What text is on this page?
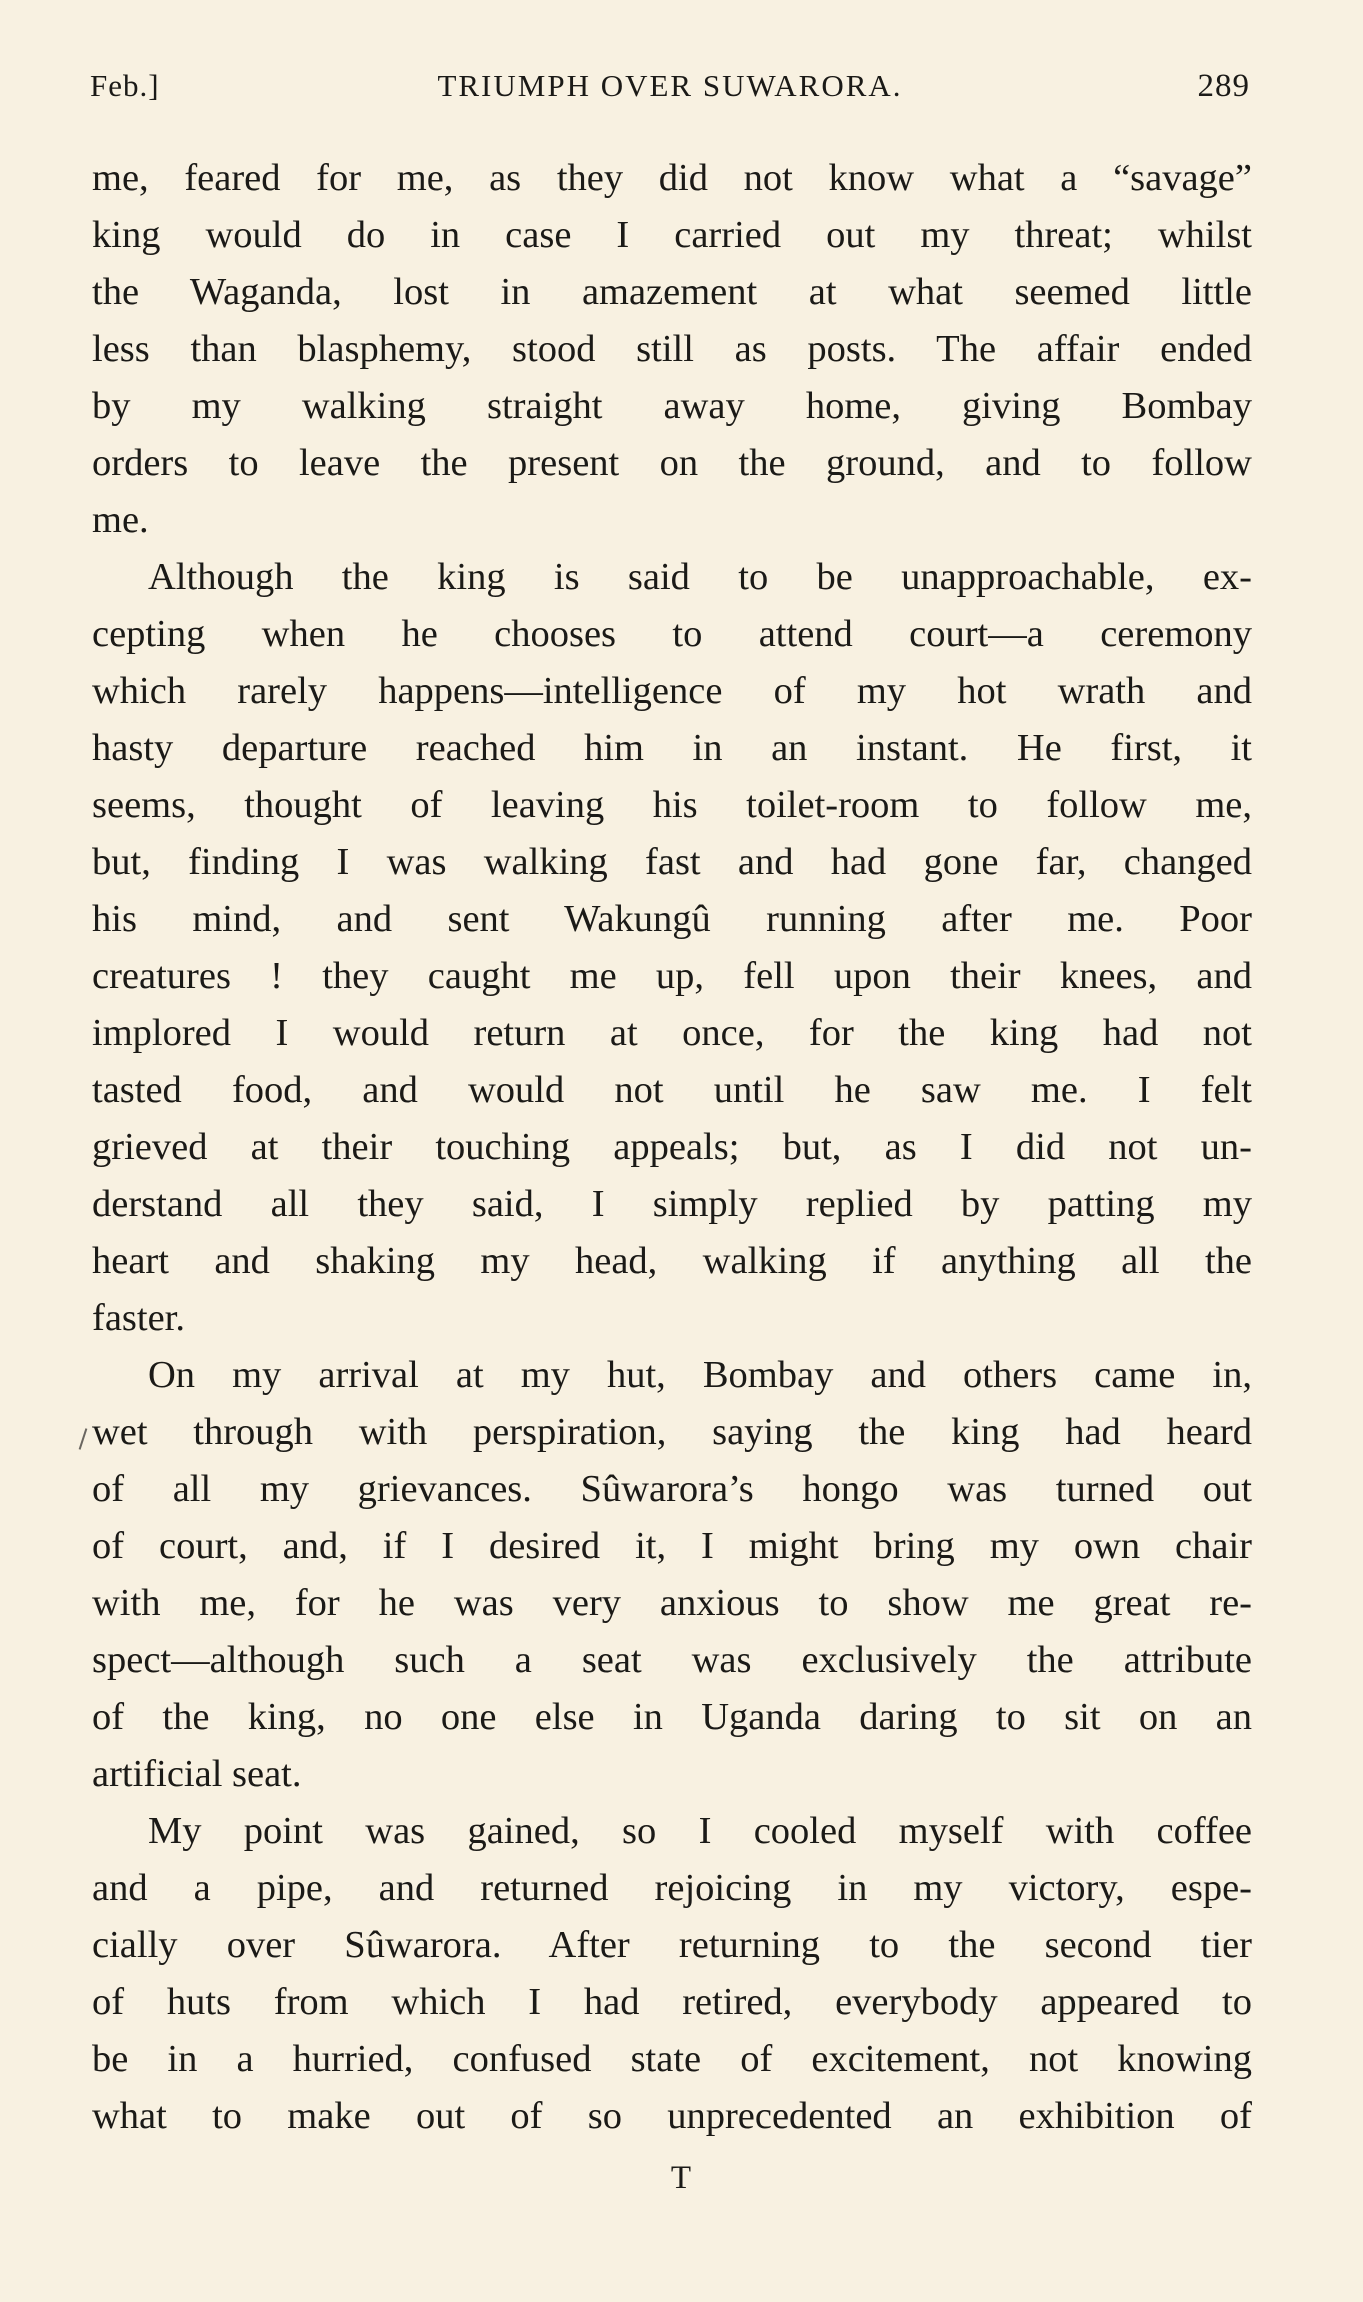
Feb.]	TRIUMPH OVER SUWARORA.	289
me, feared for me, as they did not know what a “savage”
king would do in case I carried out my threat; whilst
the Waganda, lost in amazement at what seemed little
less than blasphemy, stood still as posts. The affair ended
by my walking straight away home, giving Bombay
orders to leave the present on the ground, and to follow
me.
Although the king is said to be unapproachable, ex-
cepting when he chooses to attend court—a ceremony
which rarely happens—intelligence of my hot wrath and
hasty departure reached him in an instant. He first, it
seems, thought of leaving his toilet-room to follow me,
but, finding I was walking fast and had gone far, changed
his mind, and sent Wakungû running after me. Poor
creatures ! they caught me up, fell upon their knees, and
implored I would return at once, for the king had not
tasted food, and would not until he saw me. I felt
grieved at their touching appeals; but, as I did not un-
derstand all they said, I simply replied by patting my
heart and shaking my head, walking if anything all the
faster.
On my arrival at my hut, Bombay and others came in,
wet through with perspiration, saying the king had heard
of all my grievances. Sûwarora’s hongo was turned out
of court, and, if I desired it, I might bring my own chair
with me, for he was very anxious to show me great re-
spect—although such a seat was exclusively the attribute
of the king, no one else in Uganda daring to sit on an
artificial seat.
My point was gained, so I cooled myself with coffee
and a pipe, and returned rejoicing in my victory, espe-
cially over Sûwarora. After returning to the second tier
of huts from which I had retired, everybody appeared to
be in a hurried, confused state of excitement, not knowing
what to make out of so unprecedented an exhibition of
T
